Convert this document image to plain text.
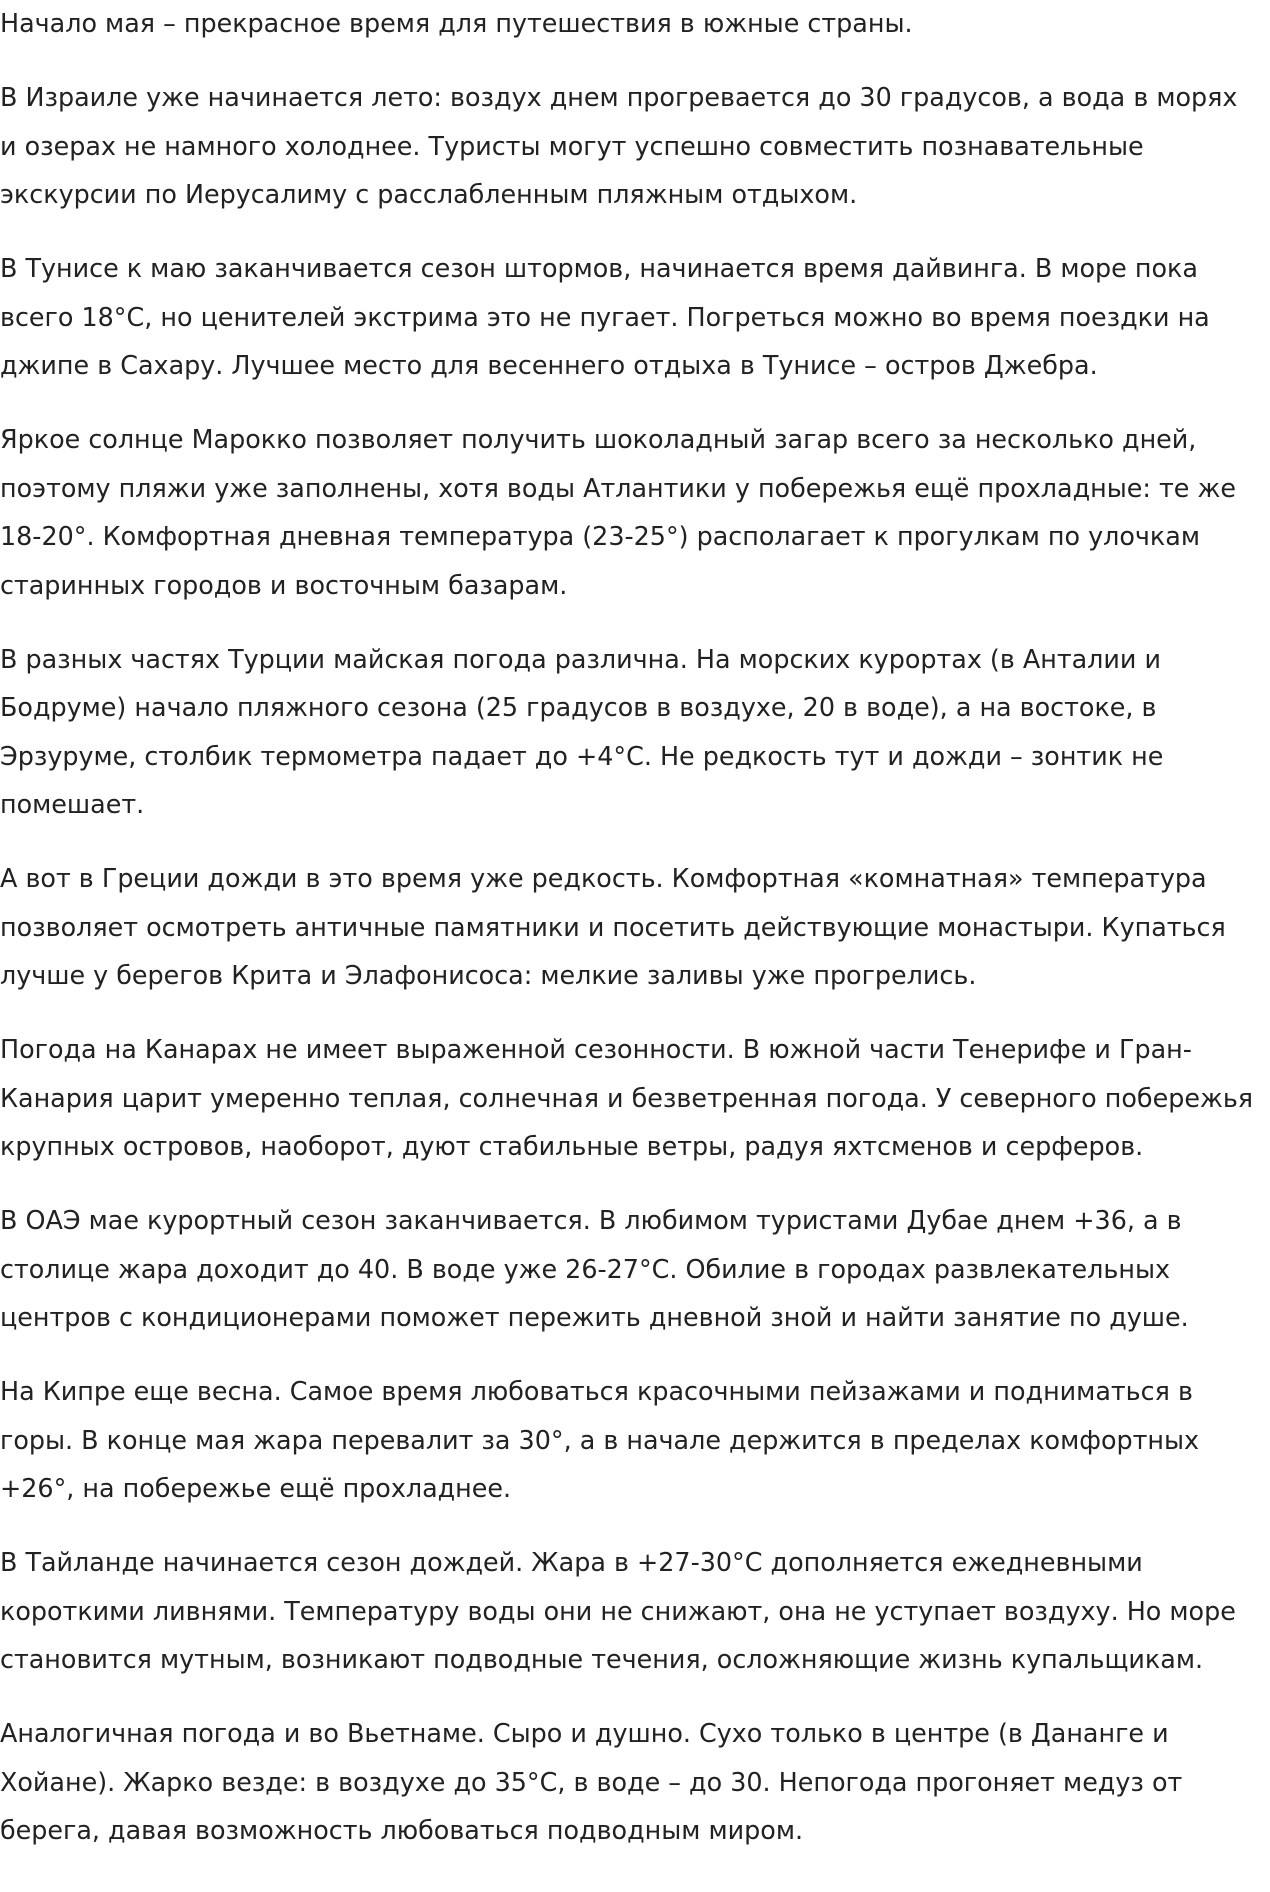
Начало мая – прекрасное время для путешествия в южные страны.

В Израиле уже начинается лето: воздух днем прогревается до 30 градусов, а вода в морях и озерах не намного холоднее. Туристы могут успешно совместить познавательные экскурсии по Иерусалиму с расслабленным пляжным отдыхом.

В Тунисе к маю заканчивается сезон штормов, начинается время дайвинга. В море пока всего 18°С, но ценителей экстрима это не пугает. Погреться можно во время поездки на джипе в Сахару. Лучшее место для весеннего отдыха в Тунисе – остров Джебра.

Яркое солнце Марокко позволяет получить шоколадный загар всего за несколько дней, поэтому пляжи уже заполнены, хотя воды Атлантики у побережья ещё прохладные: те же 18-20°. Комфортная дневная температура (23-25°) располагает к прогулкам по улочкам старинных городов и восточным базарам.

В разных частях Турции майская погода различна. На морских курортах (в Анталии и Бодруме) начало пляжного сезона (25 градусов в воздухе, 20 в воде), а на востоке, в Эрзуруме, столбик термометра падает до +4°С. Не редкость тут и дожди – зонтик не помешает.

А вот в Греции дожди в это время уже редкость. Комфортная «комнатная» температура позволяет осмотреть античные памятники и посетить действующие монастыри. Купаться лучше у берегов Крита и Элафонисоса: мелкие заливы уже прогрелись.

Погода на Канарах не имеет выраженной сезонности. В южной части Тенерифе и Гран-Канария царит умеренно теплая, солнечная и безветренная погода. У северного побережья крупных островов, наоборот, дуют стабильные ветры, радуя яхтсменов и серферов.

В ОАЭ мае курортный сезон заканчивается. В любимом туристами Дубае днем +36, а в столице жара доходит до 40. В воде уже 26-27°С. Обилие в городах развлекательных центров с кондиционерами поможет пережить дневной зной и найти занятие по душе.

На Кипре еще весна. Самое время любоваться красочными пейзажами и подниматься в горы. В конце мая жара перевалит за 30°, а в начале держится в пределах комфортных +26°, на побережье ещё прохладнее.

В Тайланде начинается сезон дождей. Жара в +27-30°С дополняется ежедневными короткими ливнями. Температуру воды они не снижают, она не уступает воздуху. Но море становится мутным, возникают подводные течения, осложняющие жизнь купальщикам.

Аналогичная погода и во Вьетнаме. Сыро и душно. Сухо только в центре (в Дананге и Хойане). Жарко везде: в воздухе до 35°С, в воде – до 30. Непогода прогоняет медуз от берега, давая возможность любоваться подводным миром.
